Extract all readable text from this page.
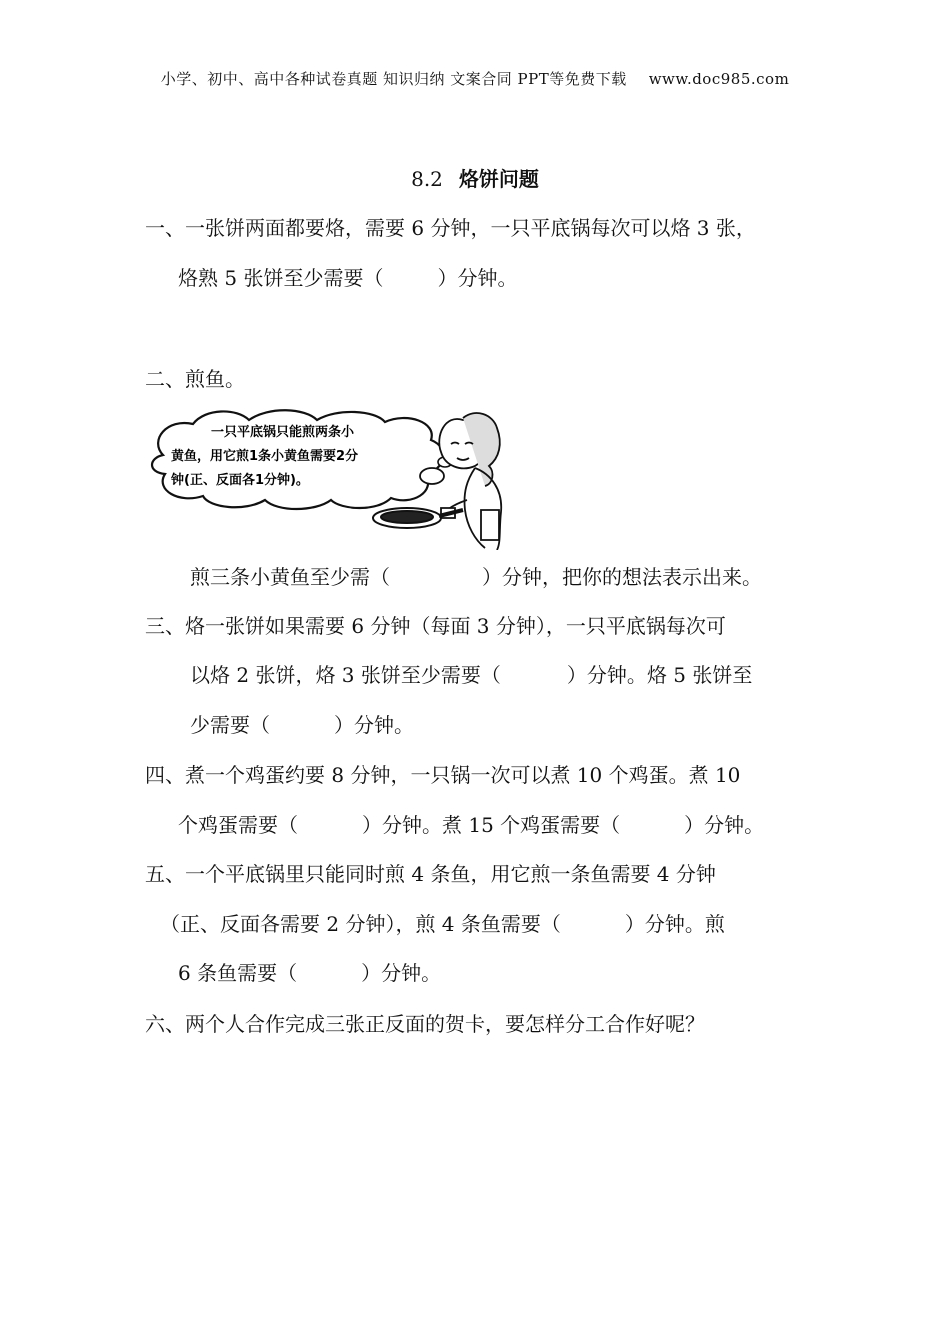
小学、初中、高中各种试卷真题 知识归纳 文案合同 PPT等免费下载 www.doc985.com
8.2 烙饼问题
一、一张饼两面都要烙，需要 6 分钟，一只平底锅每次可以烙 3 张，
烙熟 5 张饼至少需要（	）分钟。
二、煎鱼。
一只平底锅只能煎两条小
黄鱼，用它煎1条小黄鱼需要2分
钟(正、反面各1分钟)。
煎三条小黄鱼至少需（	）分钟，把你的想法表示出来。
三、烙一张饼如果需要 6 分钟（每面 3 分钟），一只平底锅每次可
以烙 2 张饼，烙 3 张饼至少需要（	）分钟。烙 5 张饼至
少需要（	）分钟。
四、煮一个鸡蛋约要 8 分钟，一只锅一次可以煮 10 个鸡蛋。煮 10
个鸡蛋需要（	）分钟。煮 15 个鸡蛋需要（	）分钟。
五、一个平底锅里只能同时煎 4 条鱼，用它煎一条鱼需要 4 分钟
（正、反面各需要 2 分钟），煎 4 条鱼需要（	）分钟。煎
6 条鱼需要（	）分钟。
六、两个人合作完成三张正反面的贺卡，要怎样分工合作好呢？
